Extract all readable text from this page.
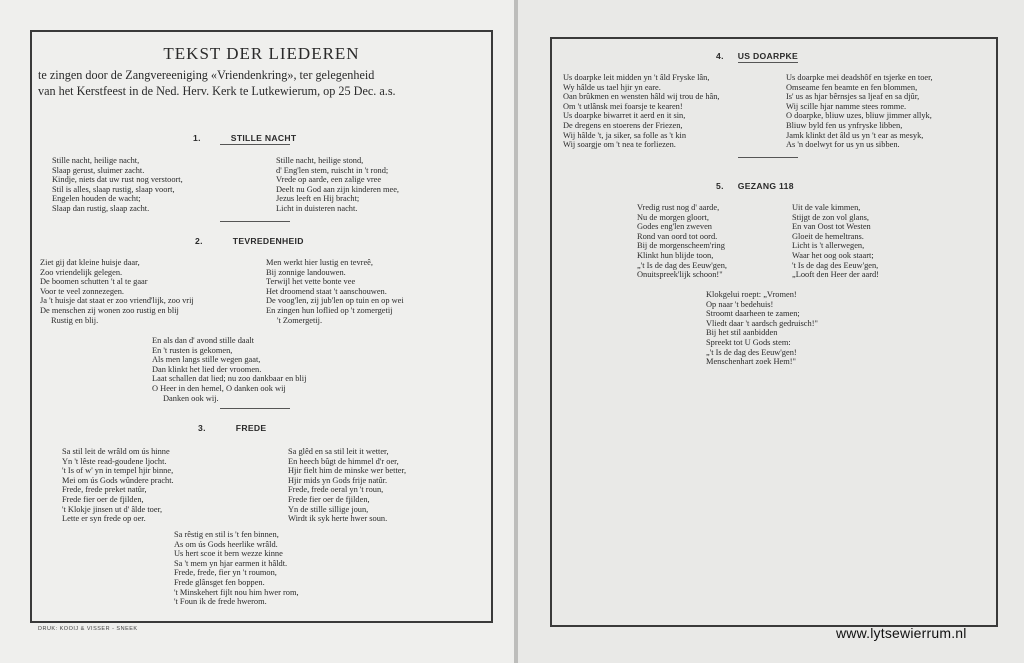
TEKST DER LIEDEREN
te zingen door de Zangvereeniging «Vriendenkring», ter gelegenheid
van het Kerstfeest in de Ned. Herv. Kerk te Lutkewierum, op 25 Dec. a.s.
1.	STILLE NACHT
Stille nacht, heilige nacht,
Slaap gerust, sluimer zacht.
Kindje, niets dat uw rust nog verstoort,
Stil is alles, slaap rustig, slaap voort,
Engelen houden de wacht;
Slaap dan rustig, slaap zacht.
Stille nacht, heilige stond,
d' Eng'len stem, ruischt in 't rond;
Vrede op aarde, een zalige vree
Deelt nu God aan zijn kinderen mee,
Jezus leeft en Hij bracht;
Licht in duisteren nacht.
2.	TEVREDENHEID
Ziet gij dat kleine huisje daar,
Zoo vriendelijk gelegen.
De boomen schutten 't al te gaar
Voor te veel zonnezegen.
Ja 't huisje dat staat er zoo vriend'lijk, zoo vrij
De menschen zij wonen zoo rustig en blij
Rustig en blij.
Men werkt hier lustig en tevreê,
Bij zonnige landouwen.
Terwijl het vette bonte vee
Het droomend staat 't aanschouwen.
De voog'len, zij jub'len op tuin en op wei
En zingen hun loflied op 't zomergetij
't Zomergetij.
En als dan d' avond stille daalt
En 't rusten is gekomen,
Als men langs stille wegen gaat,
Dan klinkt het lied der vroomen.
Laat schallen dat lied; nu zoo dankbaar en blij
O Heer in den hemel, O danken ook wij
Danken ook wij.
3.	FREDE
Sa stil leit de wrâld om ús hinne
Yn 't lêste read-goudene ljocht.
't Is of w' yn in tempel hjir binne,
Mei om ús Gods wûndere pracht.
Frede, frede preket natûr,
Frede fier oer de fjilden,
't Klokje jinsen ut d' âlde toer,
Lette er syn frede op oer.
Sa glêd en sa stil leit it wetter,
En heech bûgt de himmel d'r oer,
Hjir fielt him de minske wer better,
Hjir mids yn Gods frije natûr.
Frede, frede oeral yn 't roun,
Frede fier oer de fjilden,
Yn de stille sillige joun,
Wirdt ik syk herte hwer soun.
Sa rêstig en stil is 't fen binnen,
As om ús Gods heerlike wrâld.
Us hert scoe it bern wezze kinne
Sa 't mem yn hjar earmen it hâldt.
Frede, frede, fier yn 't roumon,
Frede glânsget fen boppen.
't Minskehert fijlt nou him hwer rom,
't Foun ik de frede hwerom.
DRUK: KOOIJ & VISSER - SNEEK
4. US DOARPKE
Us doarpke leit midden yn 't âld Fryske lân,
Wy hâlde us tael hjir yn eare.
Oan brûkmen en wensten hâld wij trou de hân,
Om 't utlânsk mei foarsje te kearen!
Us doarpke biwarret it aerd en it sin,
De dregens en stoerens der Friezen,
Wij hâlde 't, ja siker, sa folle as 't kin
Wij soargje om 't nea te forliezen.
Us doarpke mei deadshôf en tsjerke en toer,
Omseame fen beamte en fen blommen,
Is' us as hjar bêrnsjes sa ljeaf en sa djûr,
Wij scille hjar namme stees romme.
O doarpke, bliuw uzes, bliuw jimmer allyk,
Bliuw byld fen us ynfryske libben,
Jamk klinkt det âld us yn 't ear as mesyk,
As 'n doelwyt for us yn us sibben.
5. GEZANG 118
Vredig rust nog d' aarde,
Nu de morgen gloort,
Godes eng'len zweven
Rond van oord tot oord.
Bij de morgenscheem'ring
Klinkt hun blijde toon,
„'t Is de dag des Eeuw'gen,
Onuitspreek'lijk schoon!"
Uit de vale kimmen,
Stijgt de zon vol glans,
En van Oost tot Westen
Gloeit de hemeltrans.
Licht is 't allerwegen,
Waar het oog ook staart;
't Is de dag des Eeuw'gen,
„Looft den Heer der aard!
Klokgelui roept: „Vromen!
Op naar 't bedehuis!
Stroomt daarheen te zamen;
Vliedt daar 't aardsch gedruisch!"
Bij het stil aanbidden
Spreekt tot U Gods stem:
„'t Is de dag des Eeuw'gen!
Menschenhart zoek Hem!"
www.lytsewierrum.nl
